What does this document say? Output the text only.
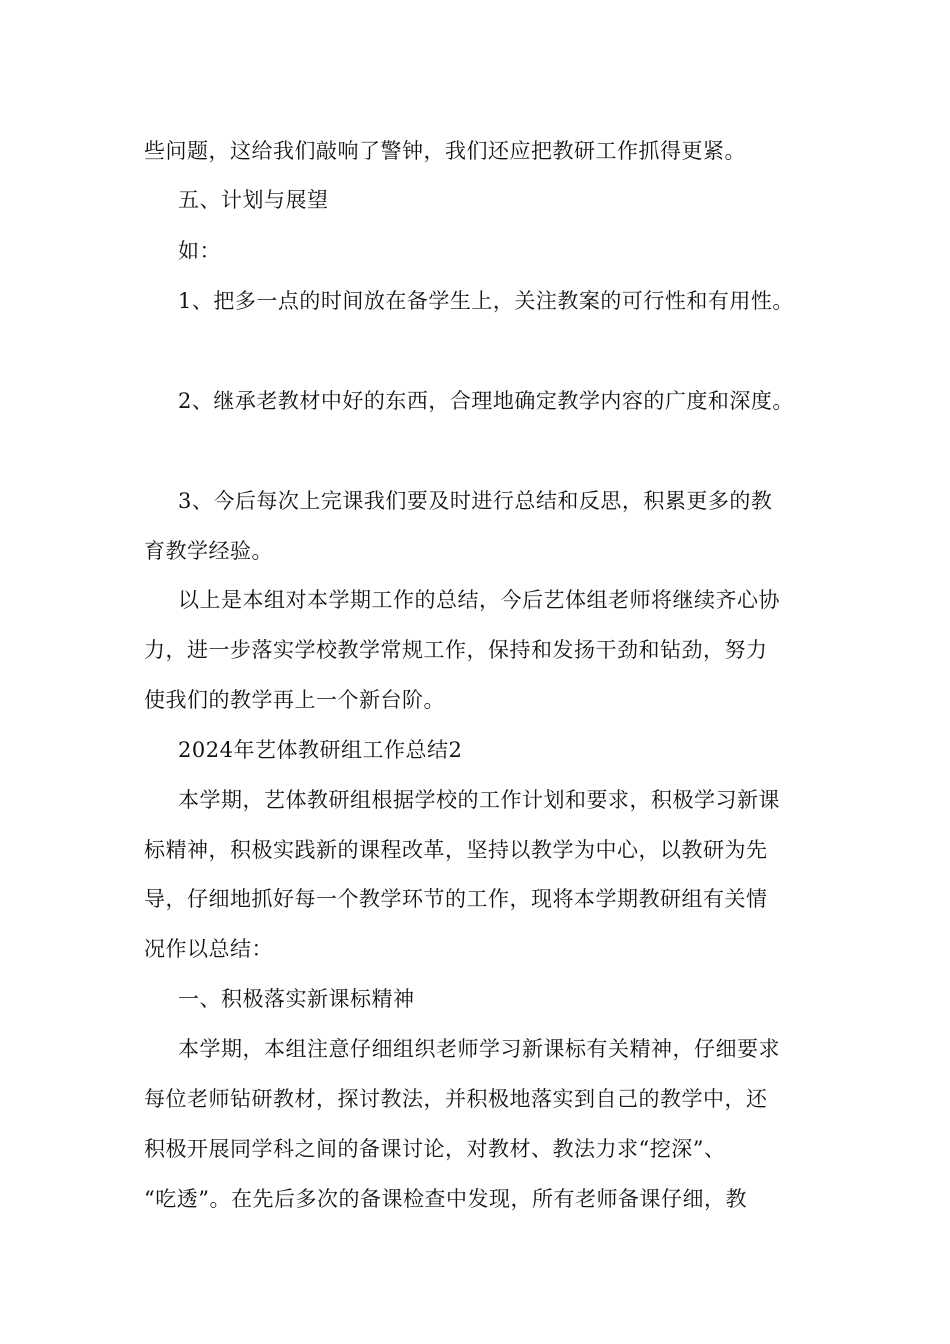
些问题，这给我们敲响了警钟，我们还应把教研工作抓得更紧。
五、计划与展望
如：
1、把多一点的时间放在备学生上，关注教案的可行性和有用性。
2、继承老教材中好的东西，合理地确定教学内容的广度和深度。
3、今后每次上完课我们要及时进行总结和反思，积累更多的教
育教学经验。
以上是本组对本学期工作的总结，今后艺体组老师将继续齐心协
力，进一步落实学校教学常规工作，保持和发扬干劲和钻劲，努力
使我们的教学再上一个新台阶。
2024年艺体教研组工作总结2
本学期，艺体教研组根据学校的工作计划和要求，积极学习新课
标精神，积极实践新的课程改革，坚持以教学为中心，以教研为先
导，仔细地抓好每一个教学环节的工作，现将本学期教研组有关情
况作以总结：
一、积极落实新课标精神
本学期，本组注意仔细组织老师学习新课标有关精神，仔细要求
每位老师钻研教材，探讨教法，并积极地落实到自己的教学中，还
积极开展同学科之间的备课讨论，对教材、教法力求“挖深”、
“吃透”。在先后多次的备课检查中发现，所有老师备课仔细，教
